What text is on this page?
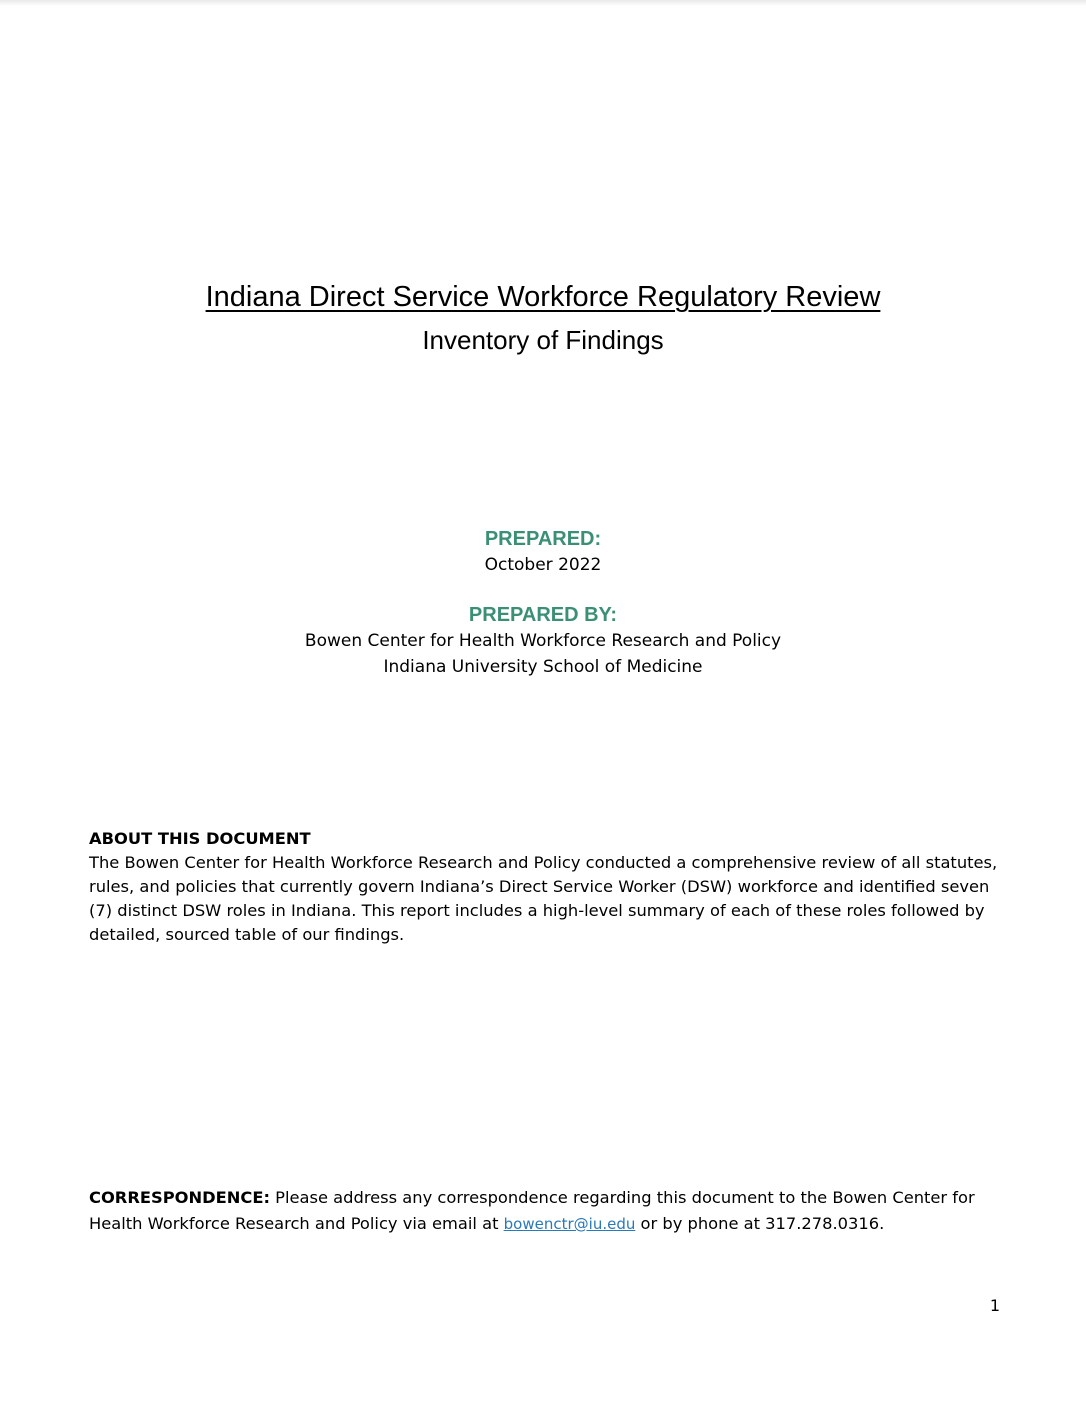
Indiana Direct Service Workforce Regulatory Review
Inventory of Findings
PREPARED:
October 2022
PREPARED BY:
Bowen Center for Health Workforce Research and Policy
Indiana University School of Medicine
ABOUT THIS DOCUMENT
The Bowen Center for Health Workforce Research and Policy conducted a comprehensive review of all statutes, rules, and policies that currently govern Indiana’s Direct Service Worker (DSW) workforce and identified seven (7) distinct DSW roles in Indiana. This report includes a high-level summary of each of these roles followed by detailed, sourced table of our findings.
CORRESPONDENCE: Please address any correspondence regarding this document to the Bowen Center for Health Workforce Research and Policy via email at bowenctr@iu.edu or by phone at 317.278.0316.
1
